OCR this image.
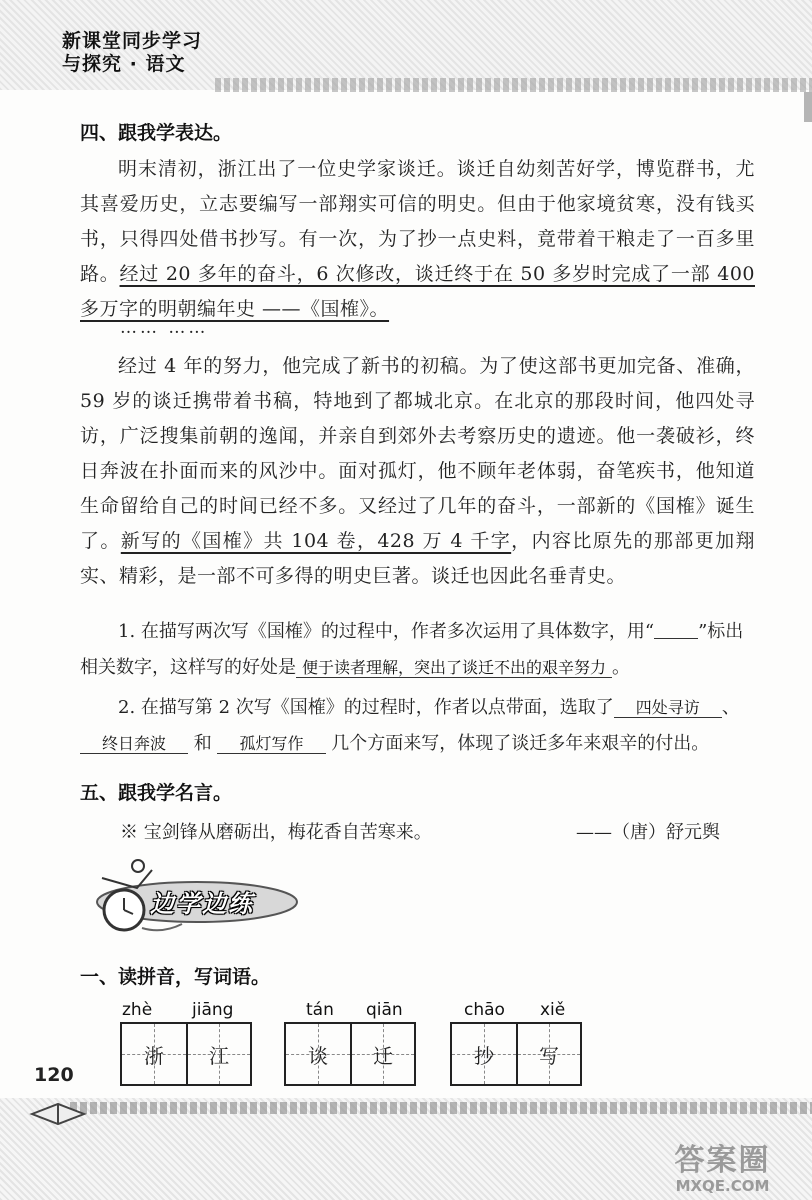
新课堂同步学习
与探究 · 语文
四、跟我学表达。

明末清初，浙江出了一位史学家谈迁。谈迁自幼刻苦好学，博览群书，尤其喜爱历史，立志要编写一部翔实可信的明史。但由于他家境贫寒，没有钱买书，只得四处借书抄写。有一次，为了抄一点史料，竟带着干粮走了一百多里路。经过 20 多年的奋斗，6 次修改，谈迁终于在 50 多岁时完成了一部 400 多万字的明朝编年史 ——《国榷》。

…… ……

经过 4 年的努力，他完成了新书的初稿。为了使这部书更加完备、准确，59 岁的谈迁携带着书稿，特地到了都城北京。在北京的那段时间，他四处寻访，广泛搜集前朝的逸闻，并亲自到郊外去考察历史的遗迹。他一袭破衫，终日奔波在扑面而来的风沙中。面对孤灯，他不顾年老体弱，奋笔疾书，他知道生命留给自己的时间已经不多。又经过了几年的奋斗，一部新的《国榷》诞生了。新写的《国榷》共 104 卷，428 万 4 千字，内容比原先的那部更加翔实、精彩，是一部不可多得的明史巨著。谈迁也因此名垂青史。

1. 在描写两次写《国榷》的过程中，作者多次运用了具体数字，用“ ”标出相关数字，这样写的好处是 便于读者理解，突出了谈迁不出的艰辛努力 。

2. 在描写第 2 次写《国榷》的过程时，作者以点带面，选取了 四处寻访 、
终日奔波 和 孤灯写作 几个方面来写，体现了谈迁多年来艰辛的付出。

五、跟我学名言。
※ 宝剑锋从磨砺出，梅花香自苦寒来。	——（唐）舒元舆
边学边练
一、读拼音，写词语。
zhè jiāng
浙	江
tán qiān
谈	迁
chāo xiě
抄	写
120
答案圈
MXQE.COM
